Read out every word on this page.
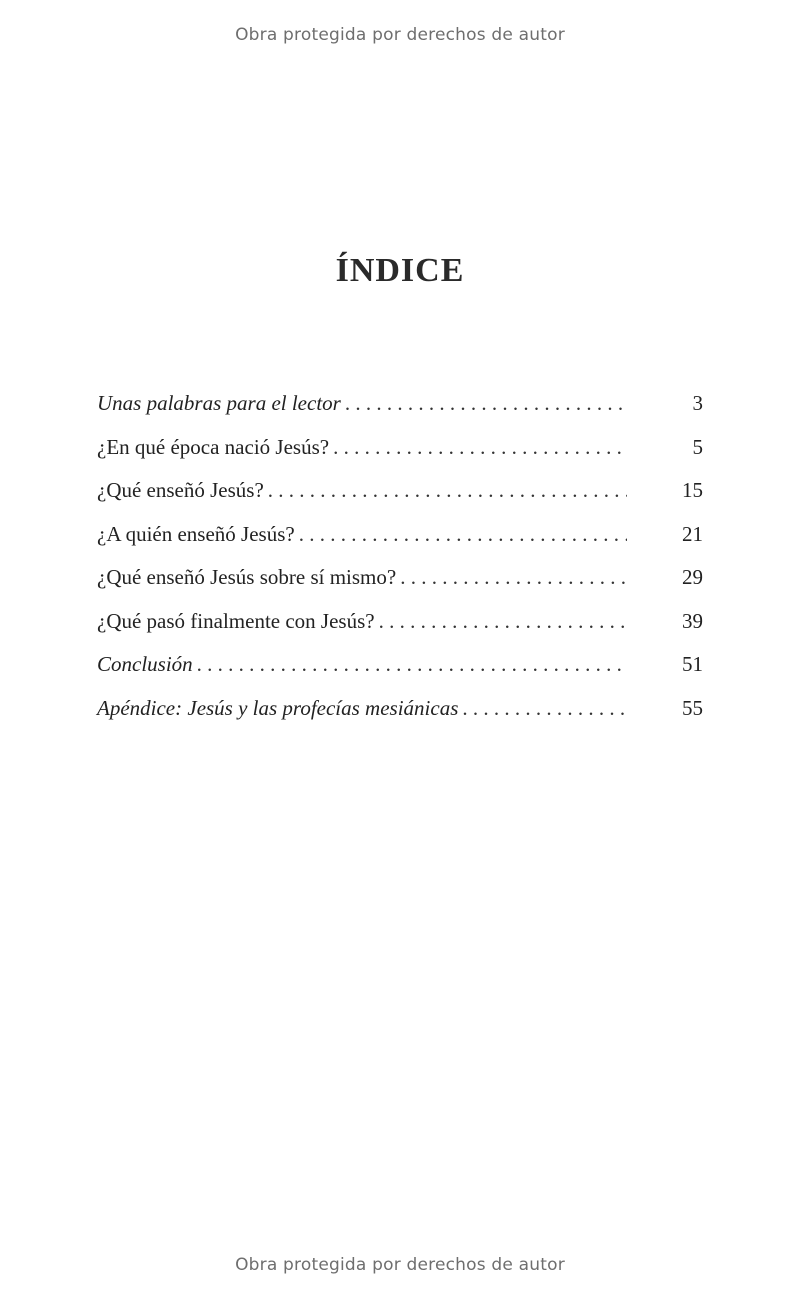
Obra protegida por derechos de autor
ÍNDICE
Unas palabras para el lector . . .	3
¿En qué época nació Jesús? . . .	5
¿Qué enseñó Jesús? . . .	15
¿A quién enseñó Jesús? . . .	21
¿Qué enseñó Jesús sobre sí mismo? . . .	29
¿Qué pasó finalmente con Jesús? . . .	39
Conclusión . . .	51
Apéndice: Jesús y las profecías mesiánicas . . .	55
Obra protegida por derechos de autor
